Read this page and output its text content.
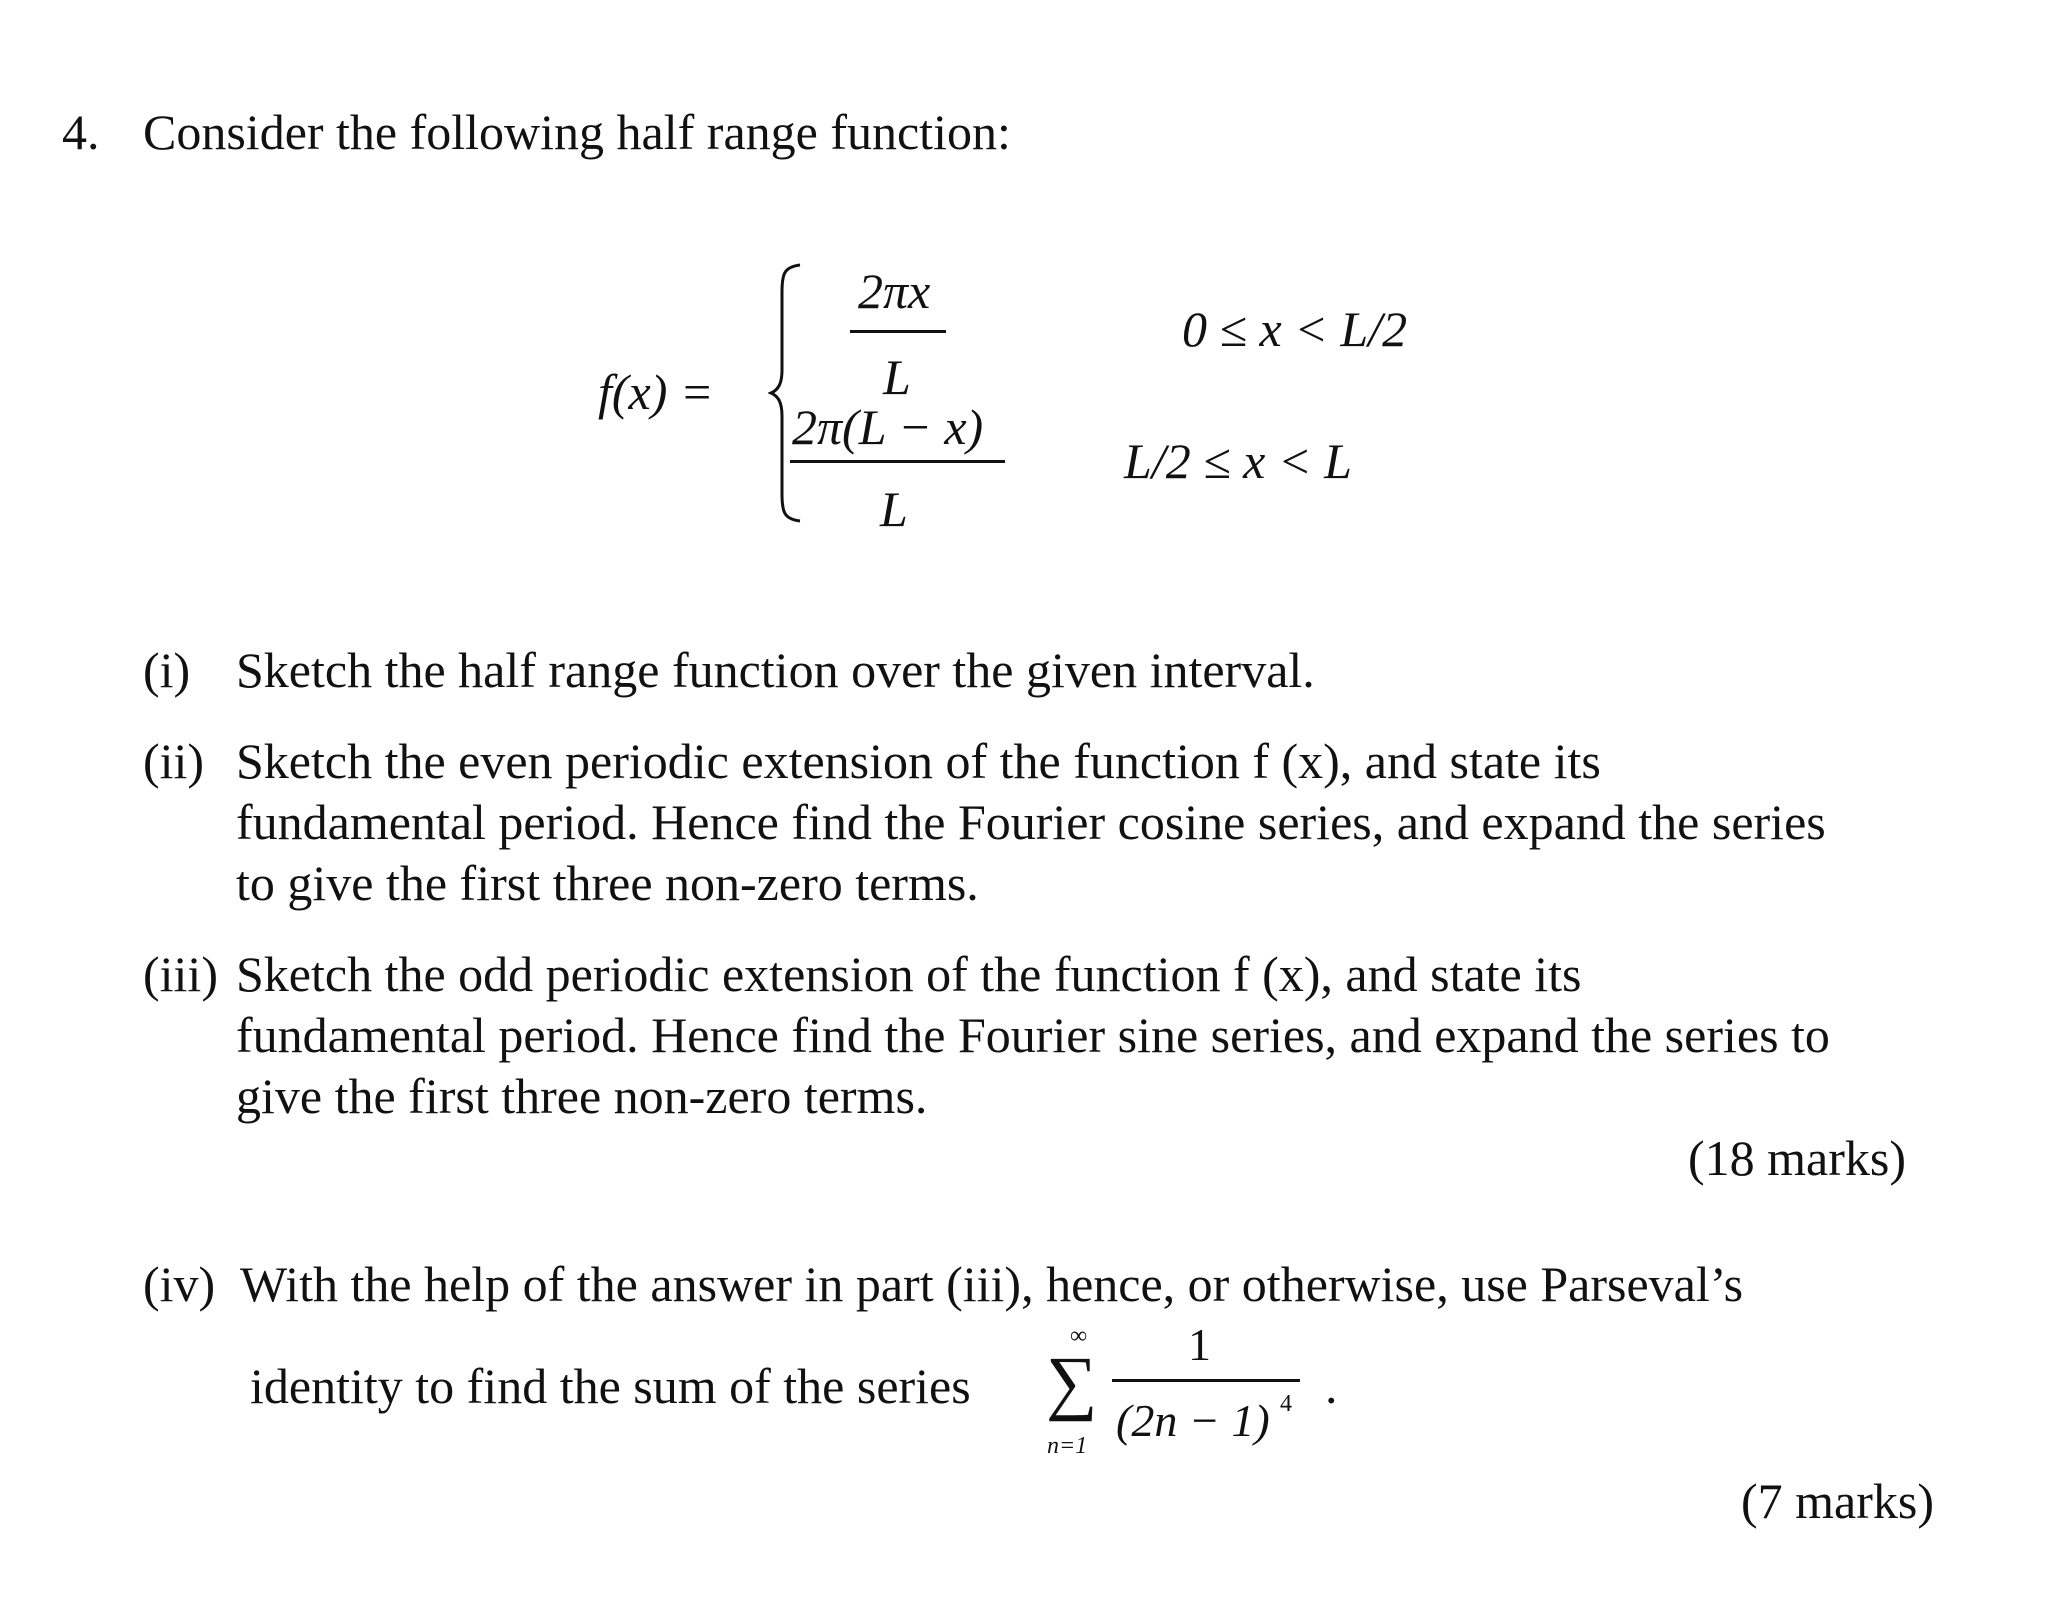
4. Consider the following half range function:
f(x) =
2πx
L
0 ≤ x < L/2
2π(L − x)
L
L/2 ≤ x < L
(i) Sketch the half range function over the given interval.
(ii) Sketch the even periodic extension of the function f (x), and state its
fundamental period. Hence find the Fourier cosine series, and expand the series
to give the first three non-zero terms.
(iii) Sketch the odd periodic extension of the function f (x), and state its
fundamental period. Hence find the Fourier sine series, and expand the series to
give the first three non-zero terms.
(18 marks)
(iv) With the help of the answer in part (iii), hence, or otherwise, use Parseval’s
identity to find the sum of the series
∞
∑
n=1
1
(2n − 1) 4 .
(7 marks)
